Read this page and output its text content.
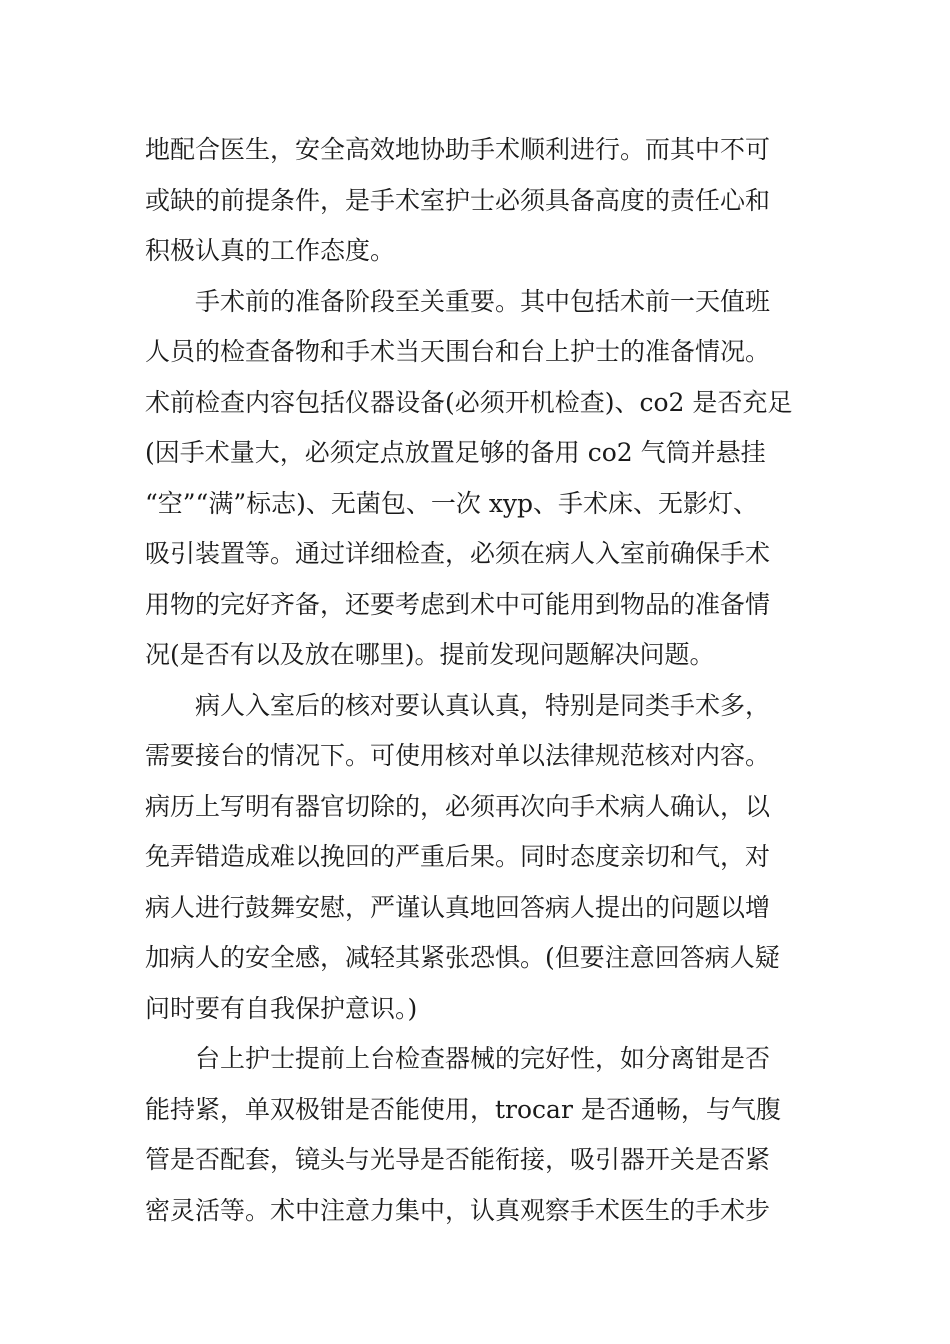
地配合医生，安全高效地协助手术顺利进行。而其中不可
或缺的前提条件，是手术室护士必须具备高度的责任心和
积极认真的工作态度。
手术前的准备阶段至关重要。其中包括术前一天值班
人员的检查备物和手术当天围台和台上护士的准备情况。
术前检查内容包括仪器设备(必须开机检查)、co2 是否充足
(因手术量大，必须定点放置足够的备用 co2 气筒并悬挂
“空”“满”标志)、无菌包、一次 xyp、手术床、无影灯、
吸引装置等。通过详细检查，必须在病人入室前确保手术
用物的完好齐备，还要考虑到术中可能用到物品的准备情
况(是否有以及放在哪里)。提前发现问题解决问题。
病人入室后的核对要认真认真，特别是同类手术多，
需要接台的情况下。可使用核对单以法律规范核对内容。
病历上写明有器官切除的，必须再次向手术病人确认，以
免弄错造成难以挽回的严重后果。同时态度亲切和气，对
病人进行鼓舞安慰，严谨认真地回答病人提出的问题以增
加病人的安全感，减轻其紧张恐惧。(但要注意回答病人疑
问时要有自我保护意识。)
台上护士提前上台检查器械的完好性，如分离钳是否
能持紧，单双极钳是否能使用，trocar 是否通畅，与气腹
管是否配套，镜头与光导是否能衔接，吸引器开关是否紧
密灵活等。术中注意力集中，认真观察手术医生的手术步
